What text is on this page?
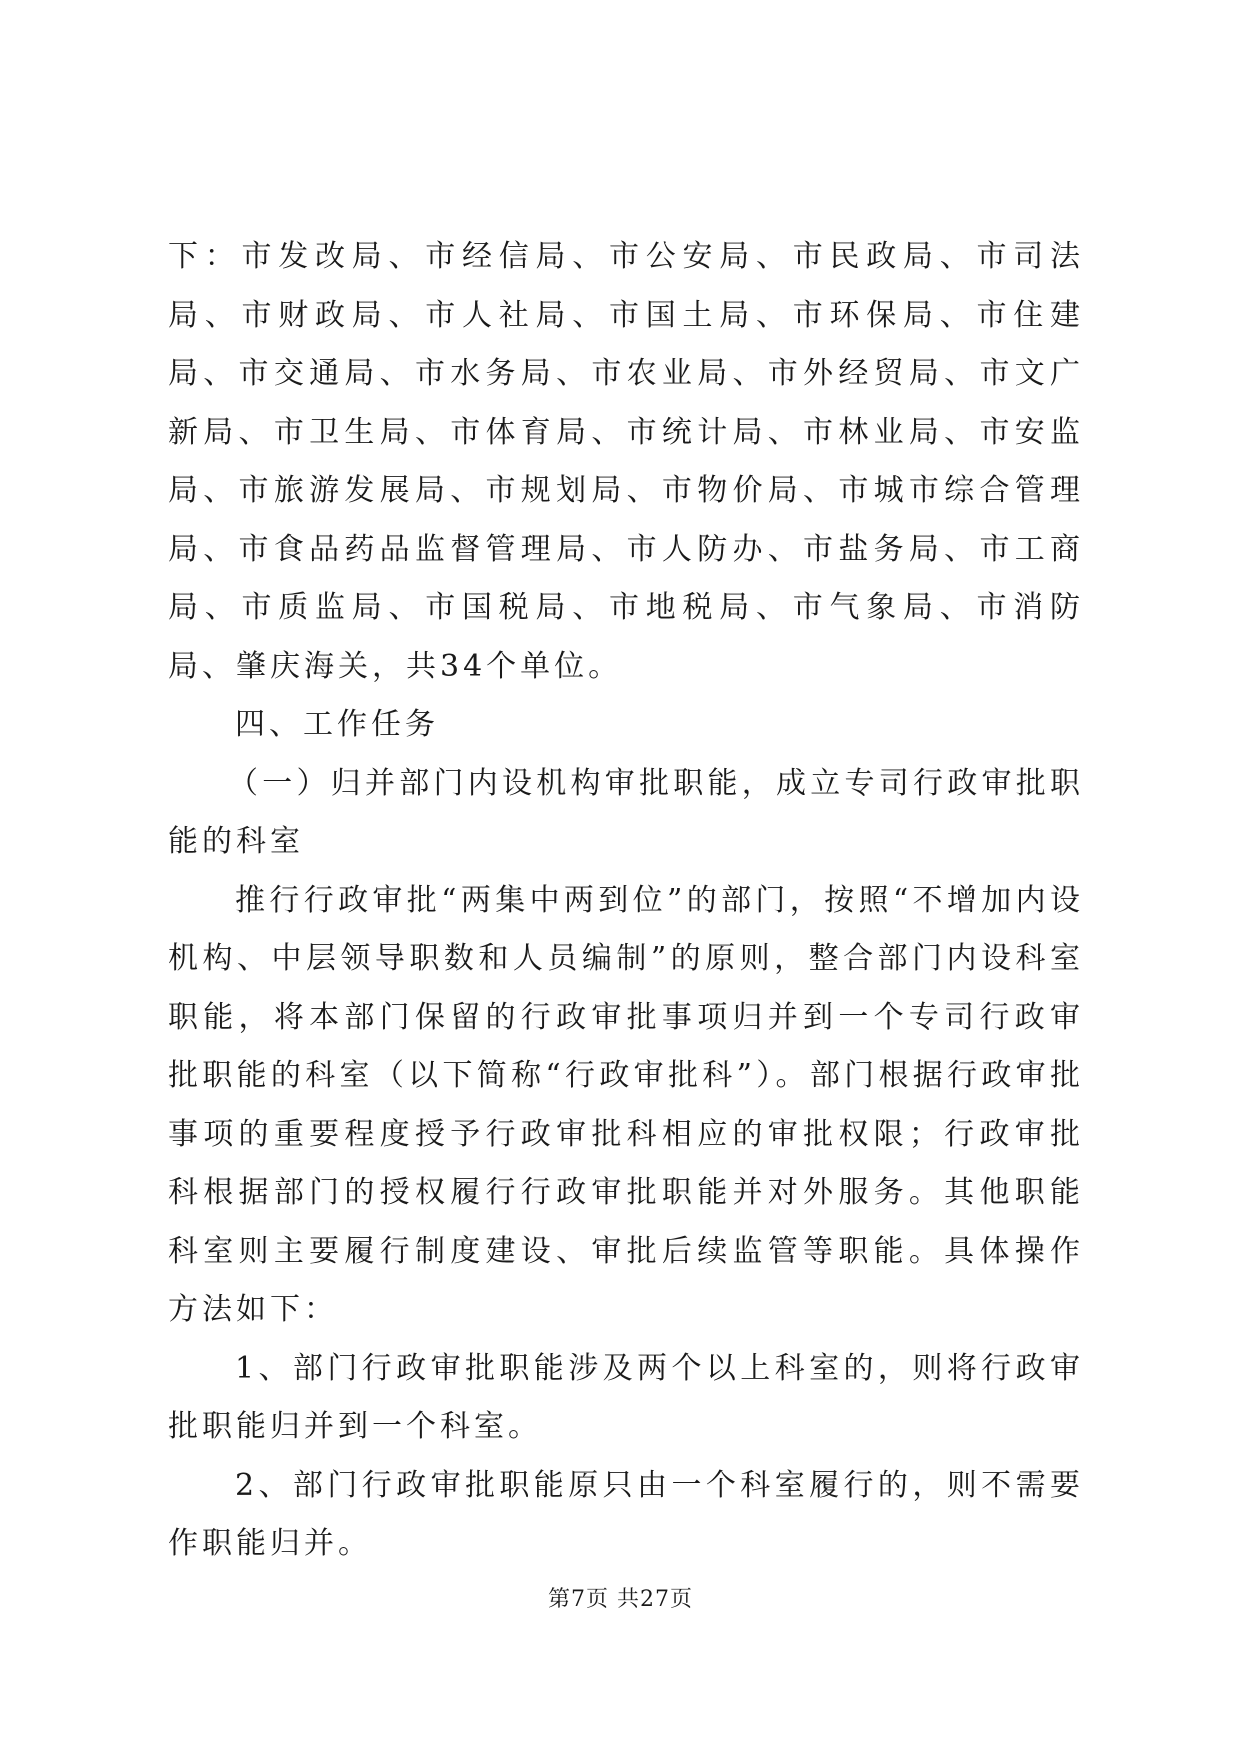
下：市发改局、市经信局、市公安局、市民政局、市司法局、市财政局、市人社局、市国土局、市环保局、市住建局、市交通局、市水务局、市农业局、市外经贸局、市文广新局、市卫生局、市体育局、市统计局、市林业局、市安监局、市旅游发展局、市规划局、市物价局、市城市综合管理局、市食品药品监督管理局、市人防办、市盐务局、市工商局、市质监局、市国税局、市地税局、市气象局、市消防局、肇庆海关，共34个单位。

四、工作任务

（一）归并部门内设机构审批职能，成立专司行政审批职能的科室

推行行政审批“两集中两到位”的部门，按照“不增加内设机构、中层领导职数和人员编制”的原则，整合部门内设科室职能，将本部门保留的行政审批事项归并到一个专司行政审批职能的科室（以下简称“行政审批科”）。部门根据行政审批事项的重要程度授予行政审批科相应的审批权限；行政审批科根据部门的授权履行行政审批职能并对外服务。其他职能科室则主要履行制度建设、审批后续监管等职能。具体操作方法如下：

1、部门行政审批职能涉及两个以上科室的，则将行政审批职能归并到一个科室。

2、部门行政审批职能原只由一个科室履行的，则不需要作职能归并。

第7页 共27页
